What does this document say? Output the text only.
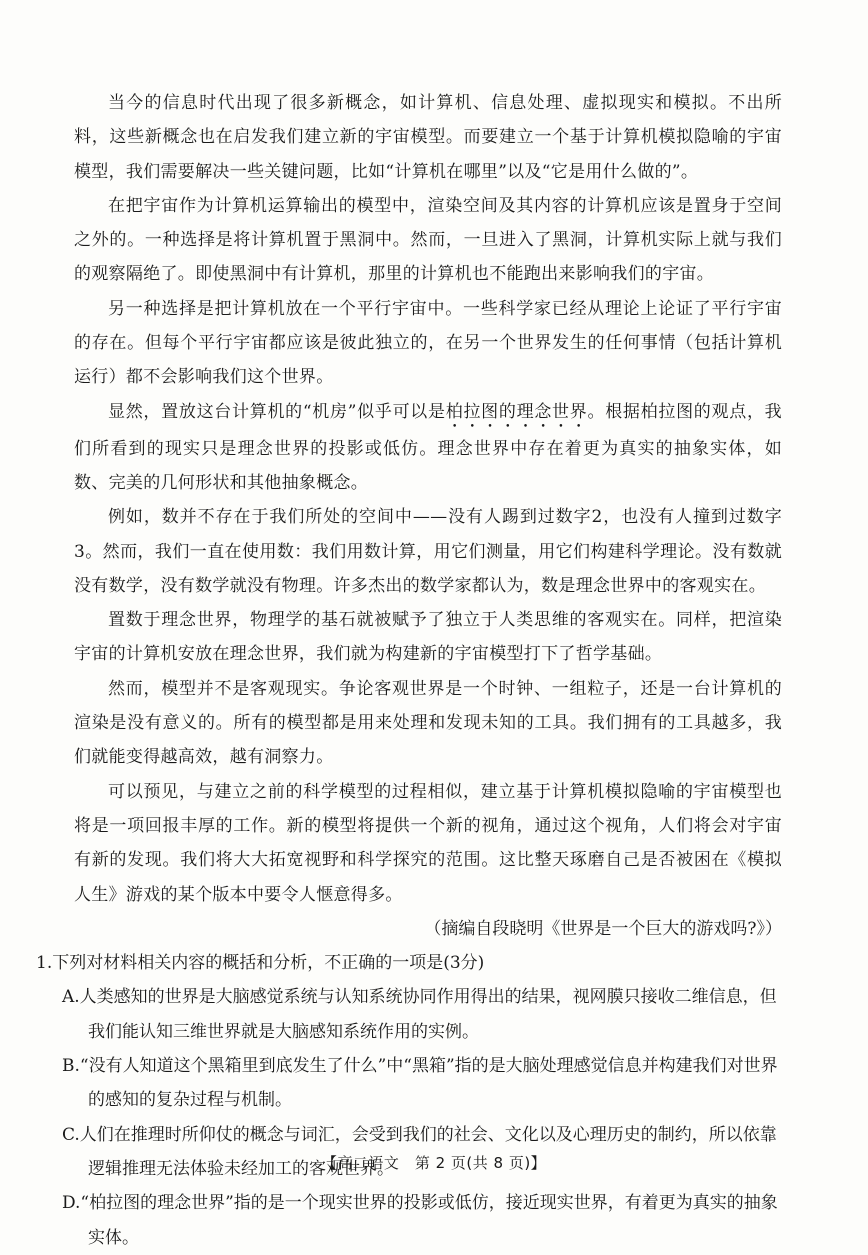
当今的信息时代出现了很多新概念，如计算机、信息处理、虚拟现实和模拟。不出所料，这些新概念也在启发我们建立新的宇宙模型。而要建立一个基于计算机模拟隐喻的宇宙模型，我们需要解决一些关键问题，比如“计算机在哪里”以及“它是用什么做的”。

在把宇宙作为计算机运算输出的模型中，渲染空间及其内容的计算机应该是置身于空间之外的。一种选择是将计算机置于黑洞中。然而，一旦进入了黑洞，计算机实际上就与我们的观察隔绝了。即使黑洞中有计算机，那里的计算机也不能跑出来影响我们的宇宙。

另一种选择是把计算机放在一个平行宇宙中。一些科学家已经从理论上论证了平行宇宙的存在。但每个平行宇宙都应该是彼此独立的，在另一个世界发生的任何事情（包括计算机运行）都不会影响我们这个世界。

显然，置放这台计算机的“机房”似乎可以是柏拉图的理念世界。根据柏拉图的观点，我们所看到的现实只是理念世界的投影或低仿。理念世界中存在着更为真实的抽象实体，如数、完美的几何形状和其他抽象概念。

例如，数并不存在于我们所处的空间中——没有人踢到过数字2，也没有人撞到过数字3。然而，我们一直在使用数：我们用数计算，用它们测量，用它们构建科学理论。没有数就没有数学，没有数学就没有物理。许多杰出的数学家都认为，数是理念世界中的客观实在。

置数于理念世界，物理学的基石就被赋予了独立于人类思维的客观实在。同样，把渲染宇宙的计算机安放在理念世界，我们就为构建新的宇宙模型打下了哲学基础。

然而，模型并不是客观现实。争论客观世界是一个时钟、一组粒子，还是一台计算机的渲染是没有意义的。所有的模型都是用来处理和发现未知的工具。我们拥有的工具越多，我们就能变得越高效，越有洞察力。

可以预见，与建立之前的科学模型的过程相似，建立基于计算机模拟隐喻的宇宙模型也将是一项回报丰厚的工作。新的模型将提供一个新的视角，通过这个视角，人们将会对宇宙有新的发现。我们将大大拓宽视野和科学探究的范围。这比整天琢磨自己是否被困在《模拟人生》游戏的某个版本中要令人惬意得多。

（摘编自段晓明《世界是一个巨大的游戏吗?》）

1.下列对材料相关内容的概括和分析，不正确的一项是(3分)

A.人类感知的世界是大脑感觉系统与认知系统协同作用得出的结果，视网膜只接收二维信息，但我们能认知三维世界就是大脑感知系统作用的实例。

B.“没有人知道这个黑箱里到底发生了什么”中“黑箱”指的是大脑处理感觉信息并构建我们对世界的感知的复杂过程与机制。

C.人们在推理时所仰仗的概念与词汇，会受到我们的社会、文化以及心理历史的制约，所以依靠逻辑推理无法体验未经加工的客观世界。

D.“柏拉图的理念世界”指的是一个现实世界的投影或低仿，接近现实世界，有着更为真实的抽象实体。

【高二语文　第 2 页(共 8 页)】
